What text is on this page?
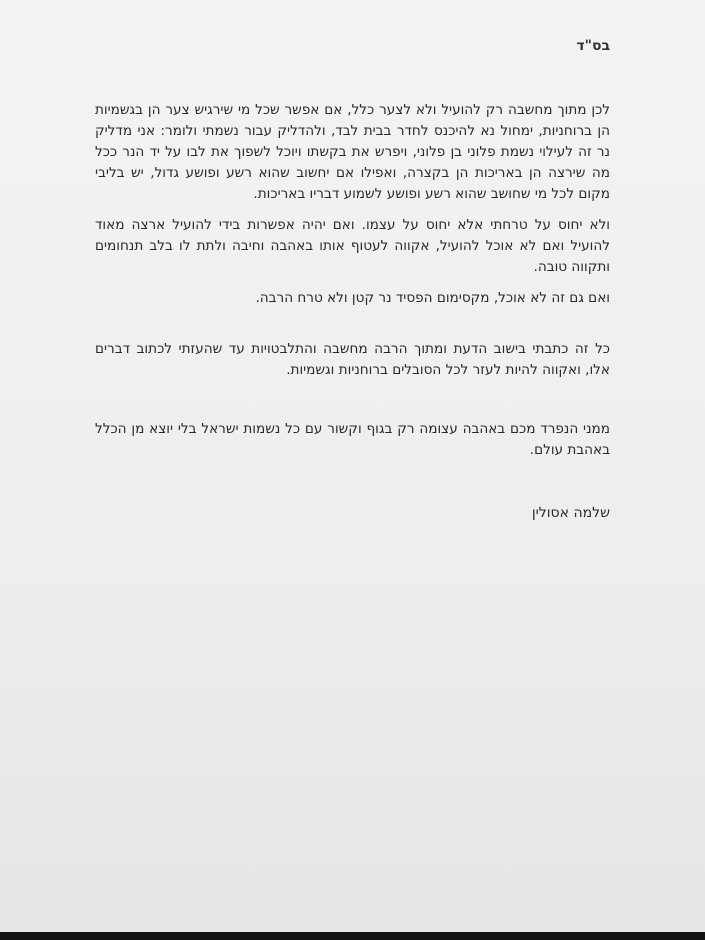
בס"ד

לכן מתוך מחשבה רק להועיל ולא לצער כלל, אם אפשר שכל מי שירגיש צער הן בגשמיות הן ברוחניות, ימחול נא להיכנס לחדר בבית לבד, ולהדליק עבור נשמתי ולומר: אני מדליק נר זה לעילוי נשמת פלוני בן פלוני, ויפרש את בקשתו ויוכל לשפוך את לבו על יד הנר ככל מה שירצה הן באריכות הן בקצרה, ואפילו אם יחשוב שהוא רשע ופושע גדול, יש בליבי מקום לכל מי שחושב שהוא רשע ופושע לשמוע דבריו באריכות.

ולא יחוס על טרחתי אלא יחוס על עצמו. ואם יהיה אפשרות בידי להועיל ארצה מאוד להועיל ואם לא אוכל להועיל, אקווה לעטוף אותו באהבה וחיבה ולתת לו בלב תנחומים ותקווה טובה.

ואם גם זה לא אוכל, מקסימום הפסיד נר קטן ולא טרח הרבה.

כל זה כתבתי בישוב הדעת ומתוך הרבה מחשבה והתלבטויות עד שהעזתי לכתוב דברים אלו, ואקווה להיות לעזר לכל הסובלים ברוחניות וגשמיות.

ממני הנפרד מכם באהבה עצומה רק בגוף וקשור עם כל נשמות ישראל בלי יוצא מן הכלל באהבת עולם.

שלמה אסולין
